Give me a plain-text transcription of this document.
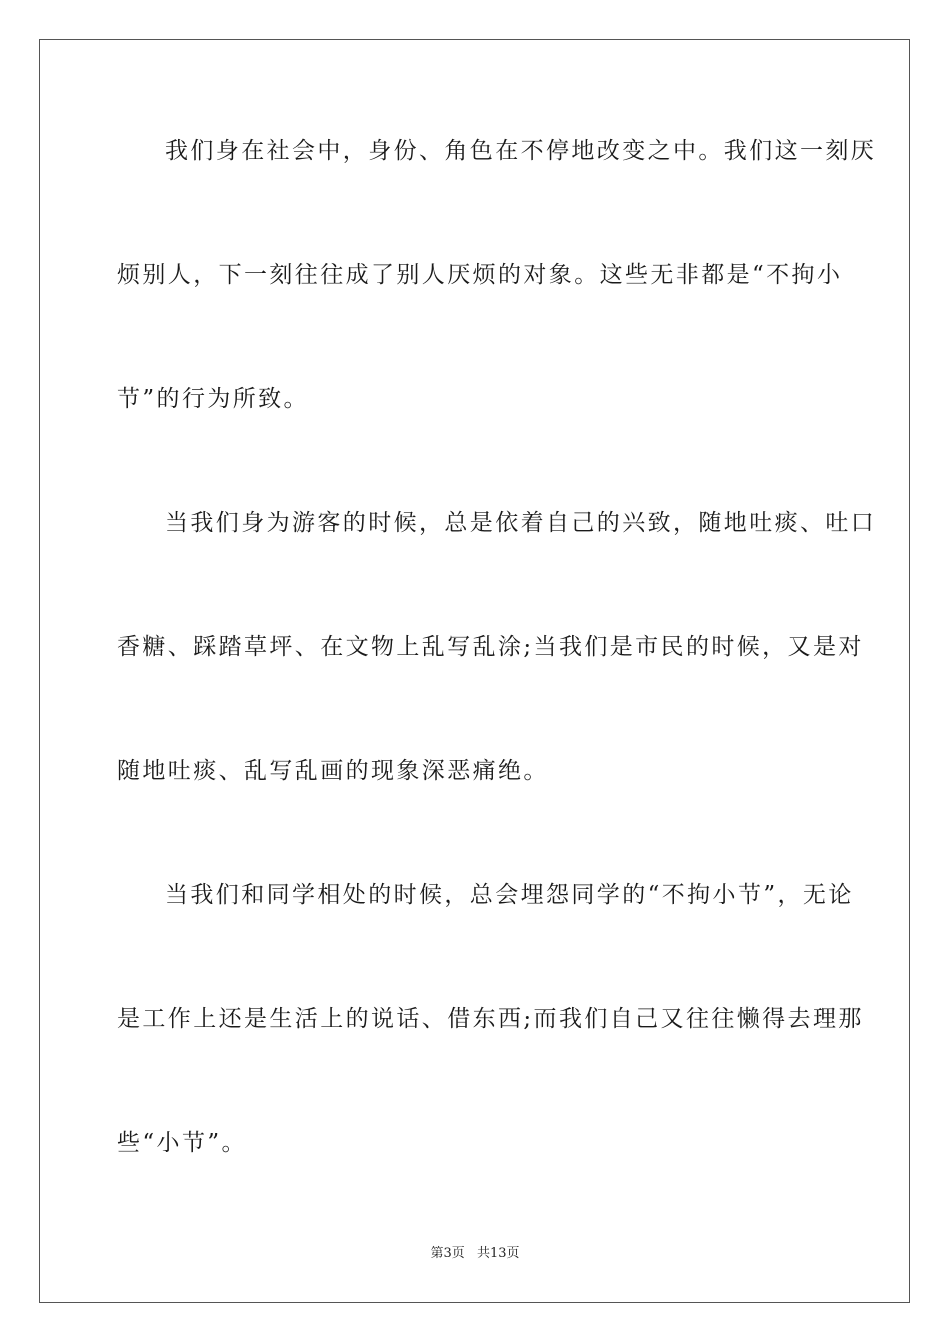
我们身在社会中，身份、角色在不停地改变之中。我们这一刻厌
烦别人，下一刻往往成了别人厌烦的对象。这些无非都是“不拘小
节”的行为所致。
当我们身为游客的时候，总是依着自己的兴致，随地吐痰、吐口
香糖、踩踏草坪、在文物上乱写乱涂;当我们是市民的时候，又是对
随地吐痰、乱写乱画的现象深恶痛绝。
当我们和同学相处的时候，总会埋怨同学的“不拘小节”，无论
是工作上还是生活上的说话、借东西;而我们自己又往往懒得去理那
些“小节”。
第3页 共13页
